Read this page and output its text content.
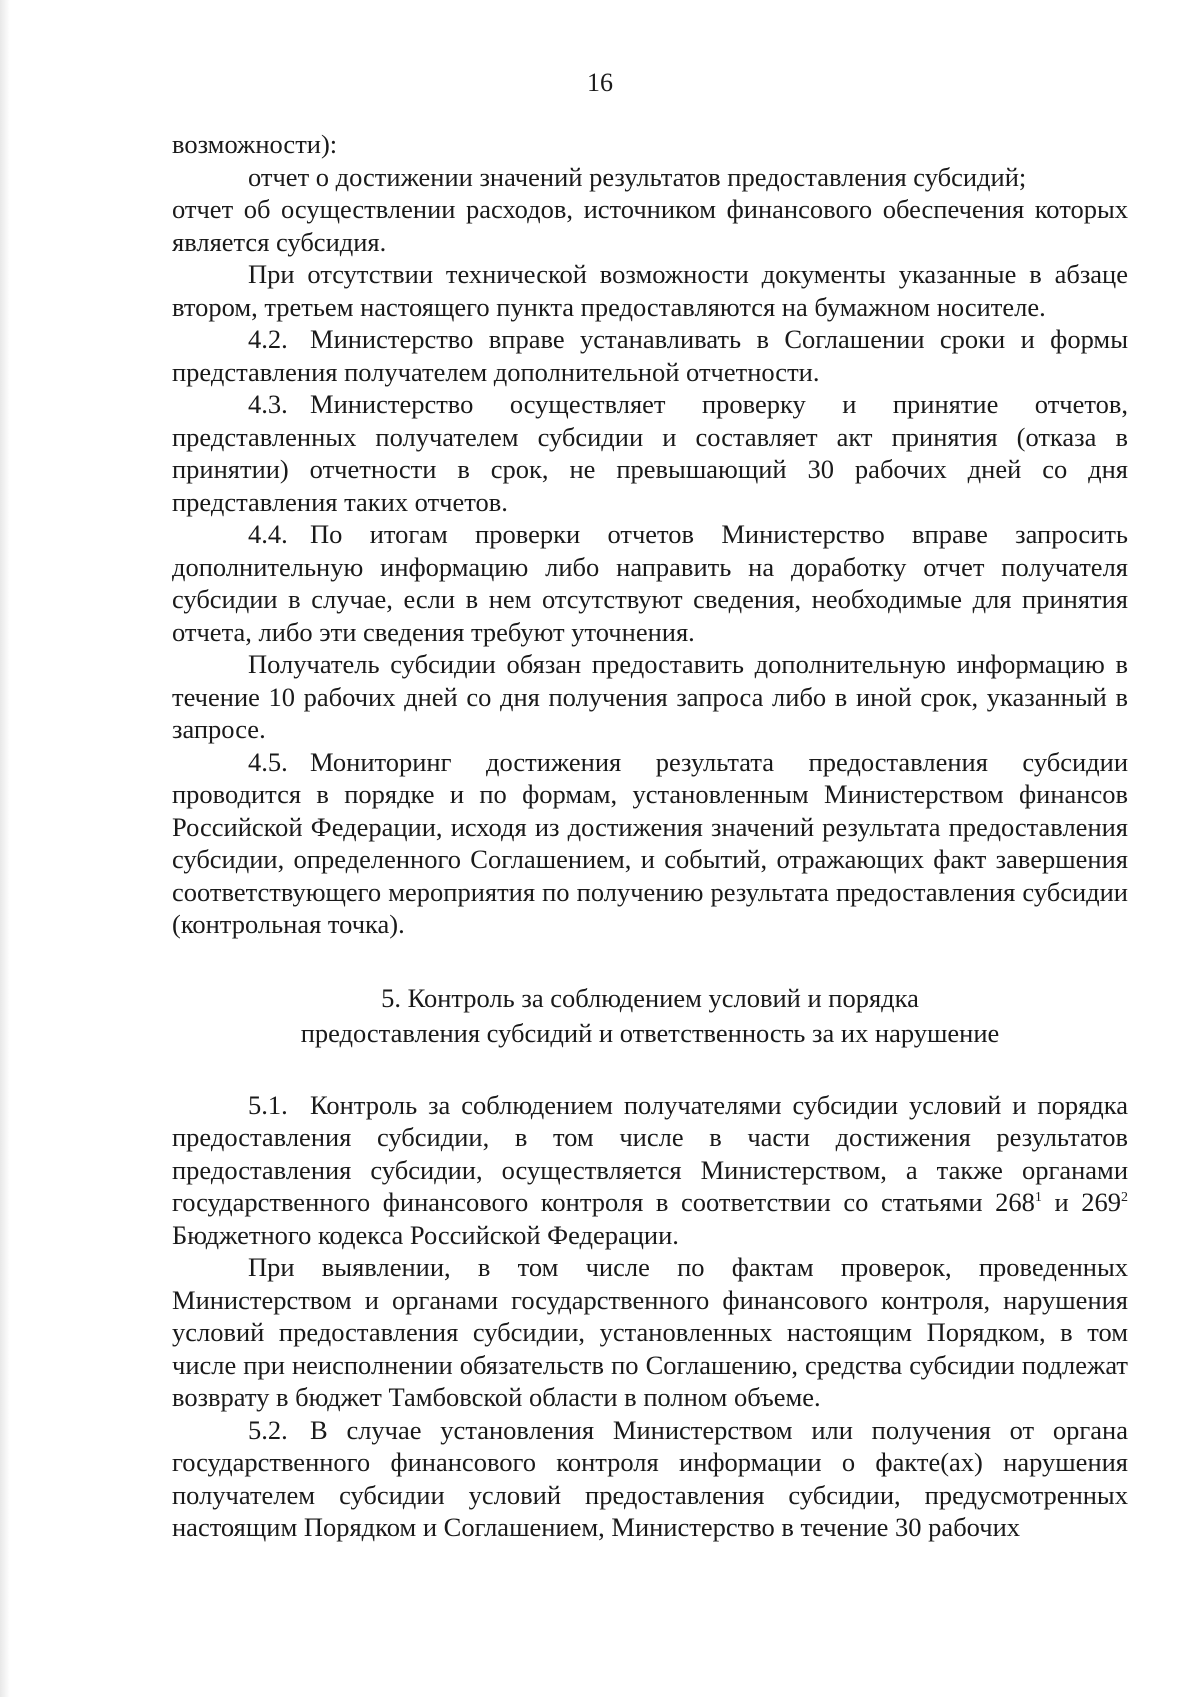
16

возможности):

отчет о достижении значений результатов предоставления субсидий;

отчет об осуществлении расходов, источником финансового обеспечения которых является субсидия.

При отсутствии технической возможности документы указанные в абзаце втором, третьем настоящего пункта предоставляются на бумажном носителе.

4.2. Министерство вправе устанавливать в Соглашении сроки и формы представления получателем дополнительной отчетности.

4.3. Министерство осуществляет проверку и принятие отчетов, представленных получателем субсидии и составляет акт принятия (отказа в принятии) отчетности в срок, не превышающий 30 рабочих дней со дня представления таких отчетов.

4.4. По итогам проверки отчетов Министерство вправе запросить дополнительную информацию либо направить на доработку отчет получателя субсидии в случае, если в нем отсутствуют сведения, необходимые для принятия отчета, либо эти сведения требуют уточнения.

Получатель субсидии обязан предоставить дополнительную информацию в течение 10 рабочих дней со дня получения запроса либо в иной срок, указанный в запросе.

4.5. Мониторинг достижения результата предоставления субсидии проводится в порядке и по формам, установленным Министерством финансов Российской Федерации, исходя из достижения значений результата предоставления субсидии, определенного Соглашением, и событий, отражающих факт завершения соответствующего мероприятия по получению результата предоставления субсидии (контрольная точка).

5. Контроль за соблюдением условий и порядка
предоставления субсидий и ответственность за их нарушение

5.1. Контроль за соблюдением получателями субсидии условий и порядка предоставления субсидии, в том числе в части достижения результатов предоставления субсидии, осуществляется Министерством, а также органами государственного финансового контроля в соответствии со статьями $268^1$ и $269^2$ Бюджетного кодекса Российской Федерации.

При выявлении, в том числе по фактам проверок, проведенных Министерством и органами государственного финансового контроля, нарушения условий предоставления субсидии, установленных настоящим Порядком, в том числе при неисполнении обязательств по Соглашению, средства субсидии подлежат возврату в бюджет Тамбовской области в полном объеме.

5.2. В случае установления Министерством или получения от органа государственного финансового контроля информации о факте(ах) нарушения получателем субсидии условий предоставления субсидии, предусмотренных настоящим Порядком и Соглашением, Министерство в течение 30 рабочих
